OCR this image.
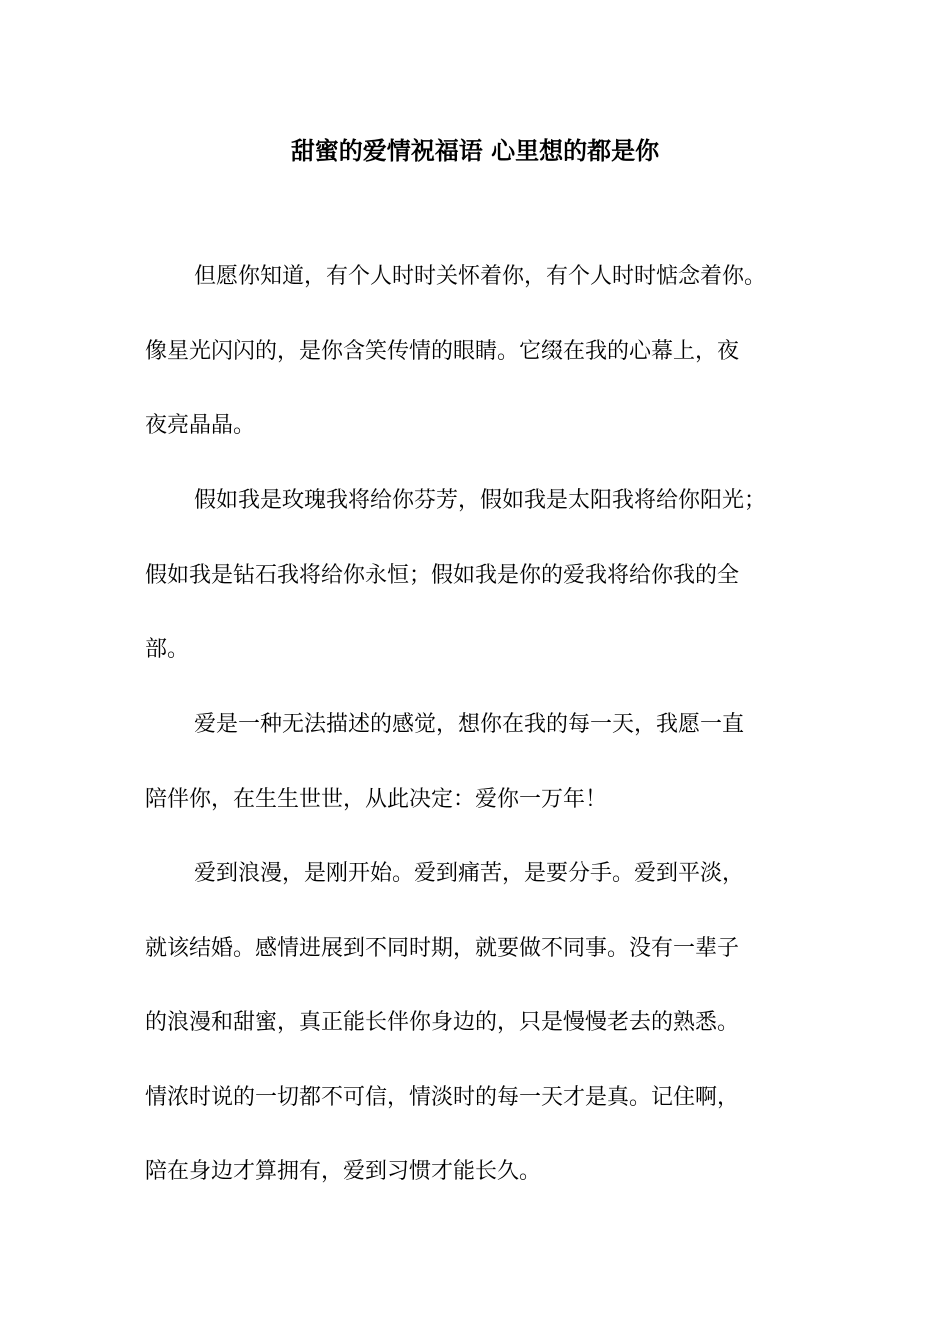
甜蜜的爱情祝福语 心里想的都是你
但愿你知道，有个人时时关怀着你，有个人时时惦念着你。
像星光闪闪的，是你含笑传情的眼睛。它缀在我的心幕上，夜
夜亮晶晶。
假如我是玫瑰我将给你芬芳，假如我是太阳我将给你阳光；
假如我是钻石我将给你永恒；假如我是你的爱我将给你我的全
部。
爱是一种无法描述的感觉，想你在我的每一天，我愿一直
陪伴你，在生生世世，从此决定：爱你一万年！
爱到浪漫，是刚开始。爱到痛苦，是要分手。爱到平淡，
就该结婚。感情进展到不同时期，就要做不同事。没有一辈子
的浪漫和甜蜜，真正能长伴你身边的，只是慢慢老去的熟悉。
情浓时说的一切都不可信，情淡时的每一天才是真。记住啊，
陪在身边才算拥有，爱到习惯才能长久。
